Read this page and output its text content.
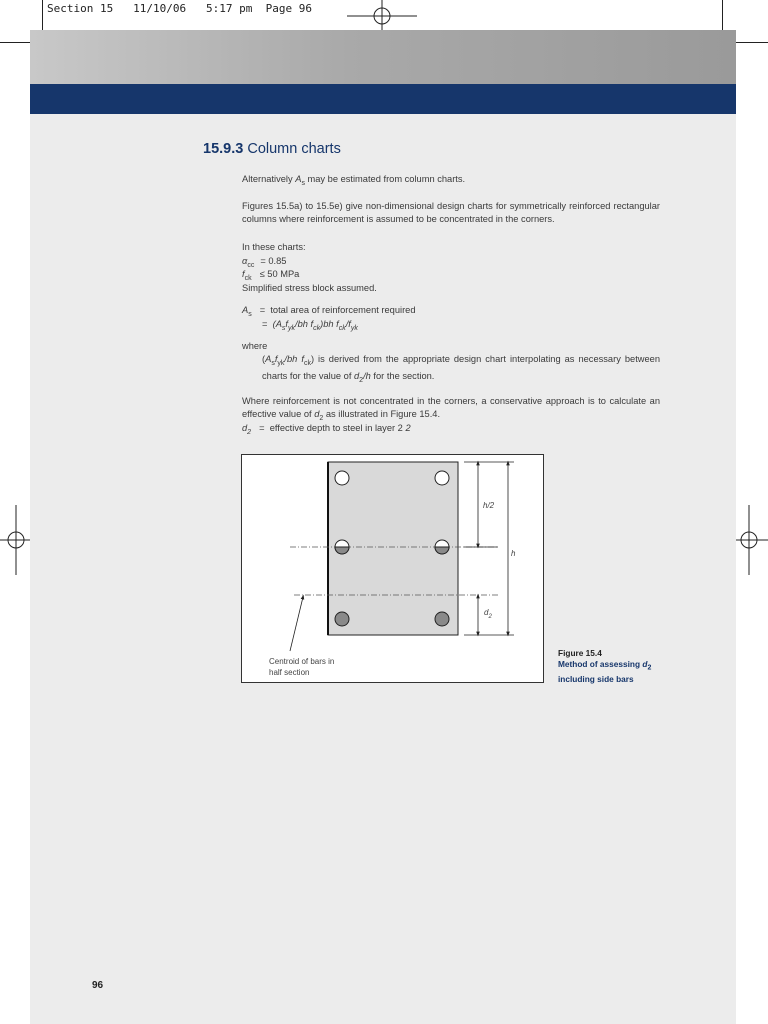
Section 15 11/10/06 5:17 pm Page 96
15.9.3 Column charts
Alternatively $A_s$ may be estimated from column charts.
Figures 15.5a) to 15.5e) give non-dimensional design charts for symmetrically reinforced rectangular columns where reinforcement is assumed to be concentrated in the corners.
In these charts:
$\alpha_{cc} = 0.85$
$f_{ck} \le 50$ MPa
Simplified stress block assumed.
$A_s$ = total area of reinforcement required
= ($A_sf_{yk}/bh$ $f_{ck})bh$ $f_{ck}/f_{yk}$
where
($A_sf_{yk}/bh$ $f_{ck}$) is derived from the appropriate design chart interpolating as necessary between charts for the value of $d_2/h$ for the section.
Where reinforcement is not concentrated in the corners, a conservative approach is to calculate an effective value of $d_2$ as illustrated in Figure 15.4.
$d_2$ = effective depth to steel in layer 2 2
h/2
h
$d_2$
Centroid of bars in
half section
Figure 15.4
Method of assessing $d_2$
including side bars
96
